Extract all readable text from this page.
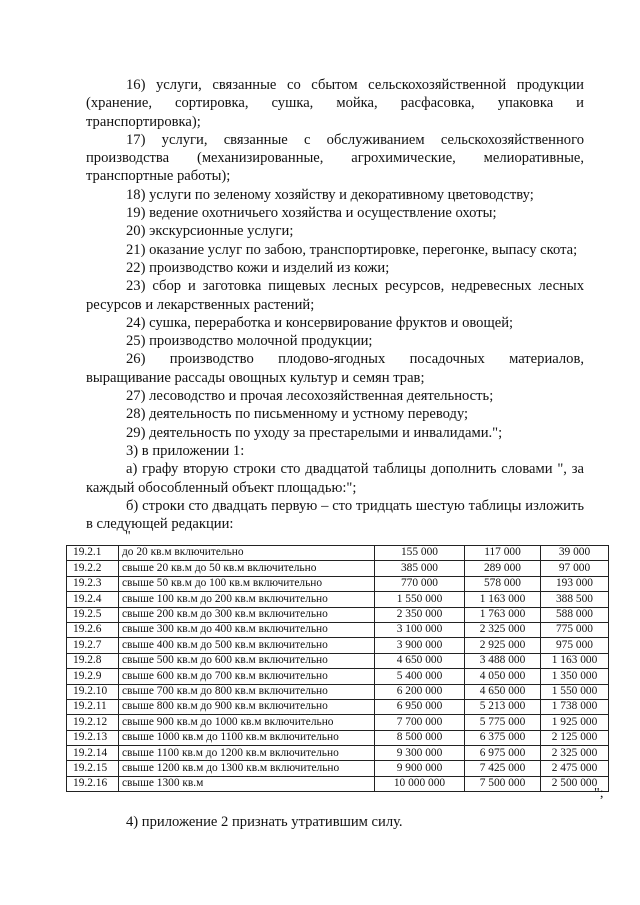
16) услуги, связанные со сбытом сельскохозяйственной продукции (хранение, сортировка, сушка, мойка, расфасовка, упаковка и транспортировка);

17) услуги, связанные с обслуживанием сельскохозяйственного производства (механизированные, агрохимические, мелиоративные, транспортные работы);

18) услуги по зеленому хозяйству и декоративному цветоводству;

19) ведение охотничьего хозяйства и осуществление охоты;

20) экскурсионные услуги;

21) оказание услуг по забою, транспортировке, перегонке, выпасу скота;

22) производство кожи и изделий из кожи;

23) сбор и заготовка пищевых лесных ресурсов, недревесных лесных ресурсов и лекарственных растений;

24) сушка, переработка и консервирование фруктов и овощей;

25) производство молочной продукции;

26) производство плодово-ягодных посадочных материалов, выращивание рассады овощных культур и семян трав;

27) лесоводство и прочая лесохозяйственная деятельность;

28) деятельность по письменному и устному переводу;

29) деятельность по уходу за престарелыми и инвалидами.";

3) в приложении 1:

а) графу вторую строки сто двадцатой таблицы дополнить словами ", за каждый обособленный объект площадью:";

б) строки сто двадцать первую – сто тридцать шестую таблицы изложить в следующей редакции:

"
19.2.1	до 20 кв.м включительно	155 000	117 000	39 000
19.2.2	свыше 20 кв.м до 50 кв.м включительно	385 000	289 000	97 000
19.2.3	свыше 50 кв.м до 100 кв.м включительно	770 000	578 000	193 000
19.2.4	свыше 100 кв.м до 200 кв.м включительно	1 550 000	1 163 000	388 500
19.2.5	свыше 200 кв.м до 300 кв.м включительно	2 350 000	1 763 000	588 000
19.2.6	свыше 300 кв.м до 400 кв.м включительно	3 100 000	2 325 000	775 000
19.2.7	свыше 400 кв.м до 500 кв.м включительно	3 900 000	2 925 000	975 000
19.2.8	свыше 500 кв.м до 600 кв.м включительно	4 650 000	3 488 000	1 163 000
19.2.9	свыше 600 кв.м до 700 кв.м включительно	5 400 000	4 050 000	1 350 000
19.2.10	свыше 700 кв.м до 800 кв.м включительно	6 200 000	4 650 000	1 550 000
19.2.11	свыше 800 кв.м до 900 кв.м включительно	6 950 000	5 213 000	1 738 000
19.2.12	свыше 900 кв.м до 1000 кв.м включительно	7 700 000	5 775 000	1 925 000
19.2.13	свыше 1000 кв.м до 1100 кв.м включительно	8 500 000	6 375 000	2 125 000
19.2.14	свыше 1100 кв.м до 1200 кв.м включительно	9 300 000	6 975 000	2 325 000
19.2.15	свыше 1200 кв.м до 1300 кв.м включительно	9 900 000	7 425 000	2 475 000
19.2.16	свыше 1300 кв.м	10 000 000	7 500 000	2 500 000
";
4) приложение 2 признать утратившим силу.
